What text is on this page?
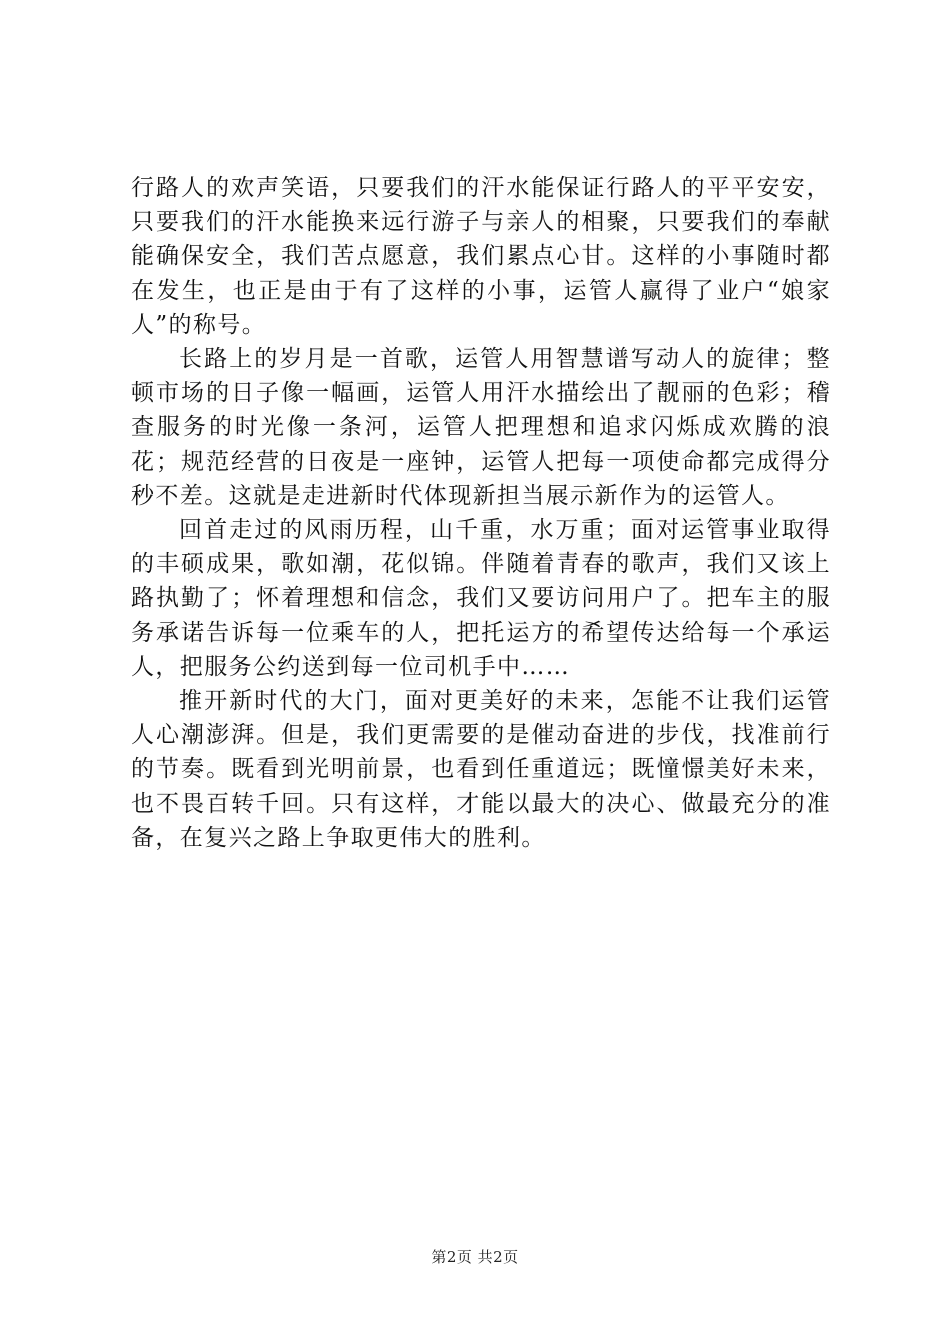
行路人的欢声笑语，只要我们的汗水能保证行路人的平平安安，只要我们的汗水能换来远行游子与亲人的相聚，只要我们的奉献能确保安全，我们苦点愿意，我们累点心甘。这样的小事随时都在发生，也正是由于有了这样的小事，运管人赢得了业户“娘家人”的称号。

长路上的岁月是一首歌，运管人用智慧谱写动人的旋律；整顿市场的日子像一幅画，运管人用汗水描绘出了靓丽的色彩；稽查服务的时光像一条河，运管人把理想和追求闪烁成欢腾的浪花；规范经营的日夜是一座钟，运管人把每一项使命都完成得分秒不差。这就是走进新时代体现新担当展示新作为的运管人。

回首走过的风雨历程，山千重，水万重；面对运管事业取得的丰硕成果，歌如潮，花似锦。伴随着青春的歌声，我们又该上路执勤了；怀着理想和信念，我们又要访问用户了。把车主的服务承诺告诉每一位乘车的人，把托运方的希望传达给每一个承运人，把服务公约送到每一位司机手中……

推开新时代的大门，面对更美好的未来，怎能不让我们运管人心潮澎湃。但是，我们更需要的是催动奋进的步伐，找准前行的节奏。既看到光明前景，也看到任重道远；既憧憬美好未来，也不畏百转千回。只有这样，才能以最大的决心、做最充分的准备，在复兴之路上争取更伟大的胜利。

第2页 共2页
